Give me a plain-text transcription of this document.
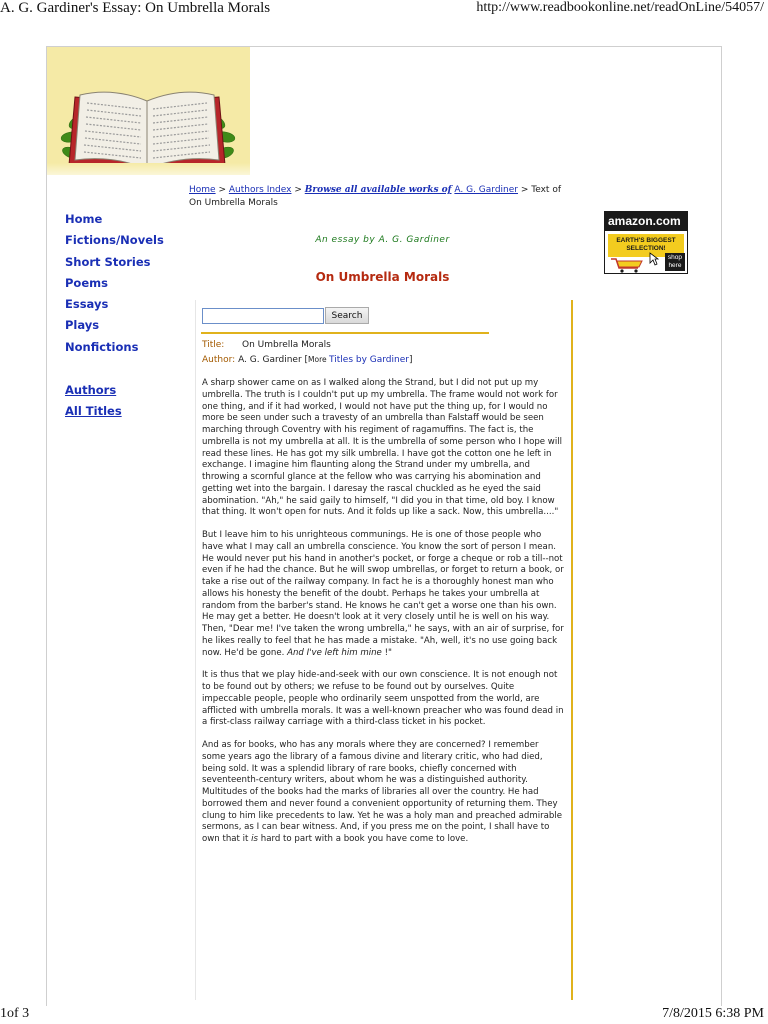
A. G. Gardiner's Essay: On Umbrella Morals	http://www.readbookonline.net/readOnLine/54057/
Home > Authors Index > Browse all available works of A. G. Gardiner > Text of On Umbrella Morals
Home
Fictions/Novels
Short Stories
Poems
Essays
Plays
Nonfictions
Authors
All Titles
An essay by A. G. Gardiner
On Umbrella Morals
Search
Title: On Umbrella Morals
Author: A. G. Gardiner [More Titles by Gardiner]

A sharp shower came on as I walked along the Strand, but I did not put up my umbrella. The truth is I couldn't put up my umbrella. The frame would not work for one thing, and if it had worked, I would not have put the thing up, for I would no more be seen under such a travesty of an umbrella than Falstaff would be seen marching through Coventry with his regiment of ragamuffins. The fact is, the umbrella is not my umbrella at all. It is the umbrella of some person who I hope will read these lines. He has got my silk umbrella. I have got the cotton one he left in exchange. I imagine him flaunting along the Strand under my umbrella, and throwing a scornful glance at the fellow who was carrying his abomination and getting wet into the bargain. I daresay the rascal chuckled as he eyed the said abomination. "Ah," he said gaily to himself, "I did you in that time, old boy. I know that thing. It won't open for nuts. And it folds up like a sack. Now, this umbrella...."

But I leave him to his unrighteous communings. He is one of those people who have what I may call an umbrella conscience. You know the sort of person I mean. He would never put his hand in another's pocket, or forge a cheque or rob a till--not even if he had the chance. But he will swop umbrellas, or forget to return a book, or take a rise out of the railway company. In fact he is a thoroughly honest man who allows his honesty the benefit of the doubt. Perhaps he takes your umbrella at random from the barber's stand. He knows he can't get a worse one than his own. He may get a better. He doesn't look at it very closely until he is well on his way. Then, "Dear me! I've taken the wrong umbrella," he says, with an air of surprise, for he likes really to feel that he has made a mistake. "Ah, well, it's no use going back now. He'd be gone. And I've left him mine !"

It is thus that we play hide-and-seek with our own conscience. It is not enough not to be found out by others; we refuse to be found out by ourselves. Quite impeccable people, people who ordinarily seem unspotted from the world, are afflicted with umbrella morals. It was a well-known preacher who was found dead in a first-class railway carriage with a third-class ticket in his pocket.

And as for books, who has any morals where they are concerned? I remember some years ago the library of a famous divine and literary critic, who had died, being sold. It was a splendid library of rare books, chiefly concerned with seventeenth-century writers, about whom he was a distinguished authority. Multitudes of the books had the marks of libraries all over the country. He had borrowed them and never found a convenient opportunity of returning them. They clung to him like precedents to law. Yet he was a holy man and preached admirable sermons, as I can bear witness. And, if you press me on the point, I shall have to own that it is hard to part with a book you have come to love.

amazon.com
EARTH'S BIGGEST SELECTION!
shop
here
1of 3	7/8/2015 6:38 PM
